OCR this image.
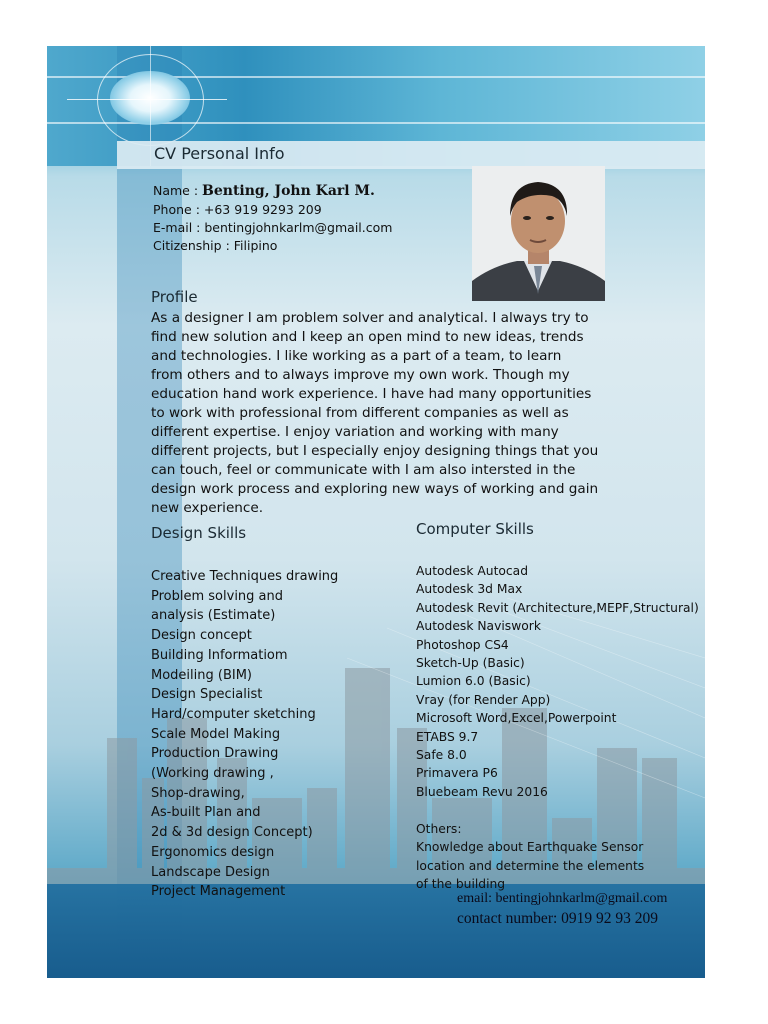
CV Personal Info
Name : Benting, John Karl M.
Phone : +63 919 9293 209
E-mail : bentingjohnkarlm@gmail.com
Citizenship : Filipino
Profile
As a designer I am problem solver and analytical. I always try to
find new solution and I keep an open mind to new ideas, trends
and technologies. I like working as a part of a team, to learn
from others and to always improve my own work. Though my
education hand work experience. I have had many opportunities
to work with professional from different companies as well as
different expertise. I enjoy variation and working with many
different projects, but I especially enjoy designing things that you
can touch, feel or communicate with I am also intersted in the
design work process and exploring new ways of working and gain
new experience.
Design Skills
Creative Techniques drawing
Problem solving and
analysis (Estimate)
Design concept
Building Informatiom
Modeiling (BIM)
Design Specialist
Hard/computer sketching
Scale Model Making
Production Drawing
(Working drawing ,
Shop-drawing,
As-built Plan and
2d & 3d design Concept)
Ergonomics design
Landscape Design
Project Management
Computer Skills
Autodesk Autocad
Autodesk 3d Max
Autodesk Revit (Architecture,MEPF,Structural)
Autodesk Naviswork
Photoshop CS4
Sketch-Up (Basic)
Lumion 6.0 (Basic)
Vray (for Render App)
Microsoft Word,Excel,Powerpoint
ETABS 9.7
Safe 8.0
Primavera P6
Bluebeam Revu 2016
Others:
Knowledge about Earthquake Sensor
location and determine the elements
of the building
email: bentingjohnkarlm@gmail.com
contact number: 0919 92 93 209
